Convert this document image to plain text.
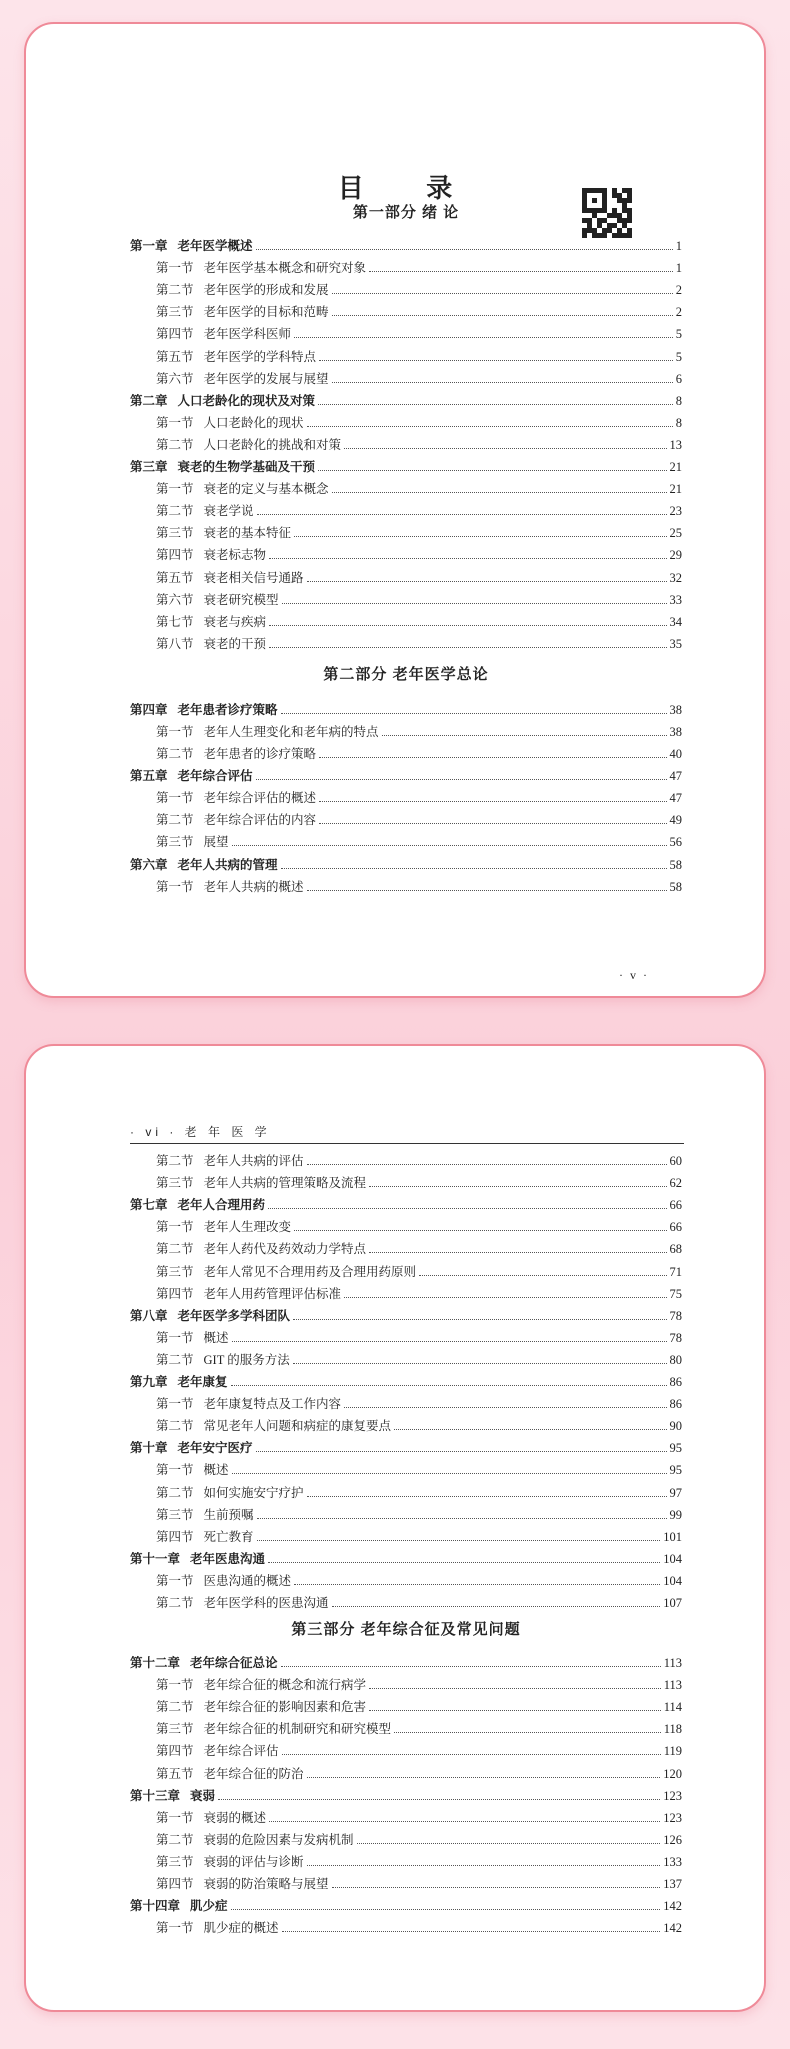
目 录
第一部分 绪 论
第一章 老年医学概述	1
第一节 老年医学基本概念和研究对象	1
第二节 老年医学的形成和发展	2
第三节 老年医学的目标和范畴	2
第四节 老年医学科医师	5
第五节 老年医学的学科特点	5
第六节 老年医学的发展与展望	6
第二章 人口老龄化的现状及对策	8
第一节 人口老龄化的现状	8
第二节 人口老龄化的挑战和对策	13
第三章 衰老的生物学基础及干预	21
第一节 衰老的定义与基本概念	21
第二节 衰老学说	23
第三节 衰老的基本特征	25
第四节 衰老标志物	29
第五节 衰老相关信号通路	32
第六节 衰老研究模型	33
第七节 衰老与疾病	34
第八节 衰老的干预	35
第二部分 老年医学总论
第四章 老年患者诊疗策略	38
第一节 老年人生理变化和老年病的特点	38
第二节 老年患者的诊疗策略	40
第五章 老年综合评估	47
第一节 老年综合评估的概述	47
第二节 老年综合评估的内容	49
第三节 展望	56
第六章 老年人共病的管理	58
第一节 老年人共病的概述	58
· v ·
· vi · 老 年 医 学
第二节 老年人共病的评估	60
第三节 老年人共病的管理策略及流程	62
第七章 老年人合理用药	66
第一节 老年人生理改变	66
第二节 老年人药代及药效动力学特点	68
第三节 老年人常见不合理用药及合理用药原则	71
第四节 老年人用药管理评估标准	75
第八章 老年医学多学科团队	78
第一节 概述	78
第二节 GIT 的服务方法	80
第九章 老年康复	86
第一节 老年康复特点及工作内容	86
第二节 常见老年人问题和病症的康复要点	90
第十章 老年安宁医疗	95
第一节 概述	95
第二节 如何实施安宁疗护	97
第三节 生前预嘱	99
第四节 死亡教育	101
第十一章 老年医患沟通	104
第一节 医患沟通的概述	104
第二节 老年医学科的医患沟通	107
第三部分 老年综合征及常见问题
第十二章 老年综合征总论	113
第一节 老年综合征的概念和流行病学	113
第二节 老年综合征的影响因素和危害	114
第三节 老年综合征的机制研究和研究模型	118
第四节 老年综合评估	119
第五节 老年综合征的防治	120
第十三章 衰弱	123
第一节 衰弱的概述	123
第二节 衰弱的危险因素与发病机制	126
第三节 衰弱的评估与诊断	133
第四节 衰弱的防治策略与展望	137
第十四章 肌少症	142
第一节 肌少症的概述	142
